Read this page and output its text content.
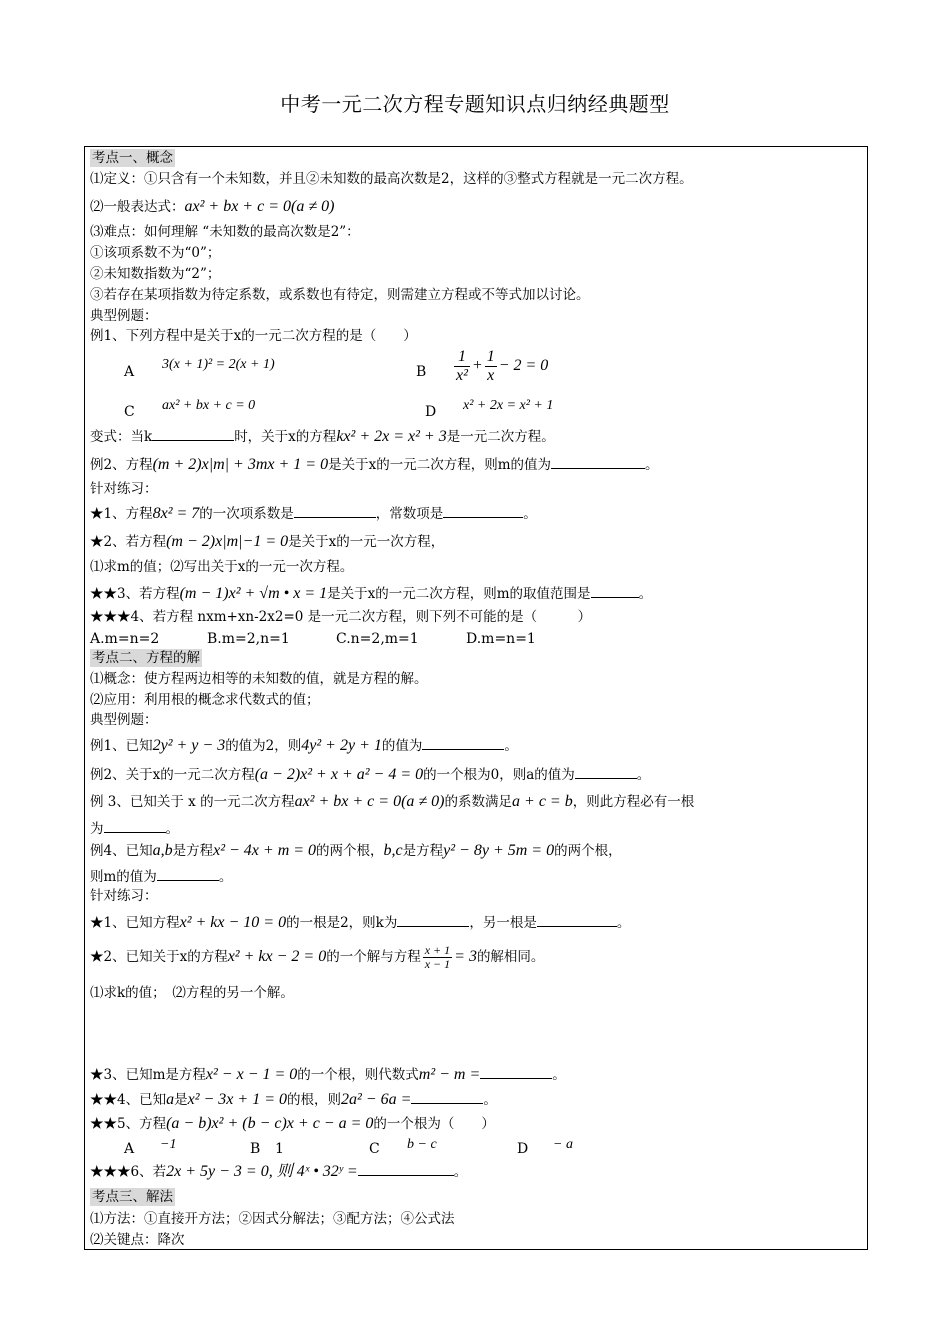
中考一元二次方程专题知识点归纳经典题型
考点一、概念
⑴定义：①只含有一个未知数，并且②未知数的最高次数是2，这样的③整式方程就是一元二次方程。
⑵一般表达式：ax² + bx + c = 0(a ≠ 0)
⑶难点：如何理解 “未知数的最高次数是2”：
①该项系数不为“0”；
②未知数指数为“2”；
③若存在某项指数为待定系数，或系数也有待定，则需建立方程或不等式加以讨论。
典型例题：
例1、下列方程中是关于x的一元二次方程的是（　　）
A 3(x + 1)² = 2(x + 1)	B $\frac{1}{\text{x²}} + \frac{1}{x} - 2 = 0$
C ax² + bx + c = 0	D x² + 2x = x² + 1
变式：当k	时，关于x的方程kx² + 2x = x² + 3是一元二次方程。
例2、方程(m + 2)x|m| + 3mx + 1 = 0是关于x的一元二次方程，则m的值为	。
针对练习：
★1、方程8x² = 7的一次项系数是	，常数项是	。
★2、若方程(m − 2)x|m|−1 = 0是关于x的一元一次方程，
⑴求m的值；⑵写出关于x的一元一次方程。
★★3、若方程(m − 1)x² + √m • x = 1是关于x的一元二次方程，则m的取值范围是	。
★★★4、若方程 nxm+xn-2x2=0 是一元二次方程，则下列不可能的是（　　　）
A.m=n=2	B.m=2,n=1	C.n=2,m=1	D.m=n=1
考点二、方程的解
⑴概念：使方程两边相等的未知数的值，就是方程的解。
⑵应用：利用根的概念求代数式的值；
典型例题：
例1、已知2y² + y − 3的值为2，则4y² + 2y + 1的值为	。
例2、关于x的一元二次方程(a − 2)x² + x + a² − 4 = 0的一个根为0，则a的值为	。
例 3、已知关于 x 的一元二次方程ax² + bx + c = 0(a ≠ 0)的系数满足a + c = b，则此方程必有一根
为	。
例4、已知a,b是方程x² − 4x + m = 0的两个根，b,c是方程y² − 8y + 5m = 0的两个根，
则m的值为	。
针对练习：
★1、已知方程x² + kx − 10 = 0的一根是2，则k为	，另一根是	。
★2、已知关于x的方程x² + kx − 2 = 0的一个解与方程 $\frac{x + 1}{x - 1} = 3$的解相同。
⑴求k的值；　⑵方程的另一个解。
★3、已知m是方程x² − x − 1 = 0的一个根，则代数式m² − m =	。
★★4、已知a是x² − 3x + 1 = 0的根，则2a² − 6a =	。
★★5、方程(a − b)x² + (b − c)x + c − a = 0的一个根为（　　）
A −1	B 1	C b − c	D − a
★★★6、若2x + 5y − 3 = 0, 则 4ˣ • 32ʸ =	。
考点三、解法
⑴方法：①直接开方法；②因式分解法；③配方法；④公式法
⑵关键点：降次
